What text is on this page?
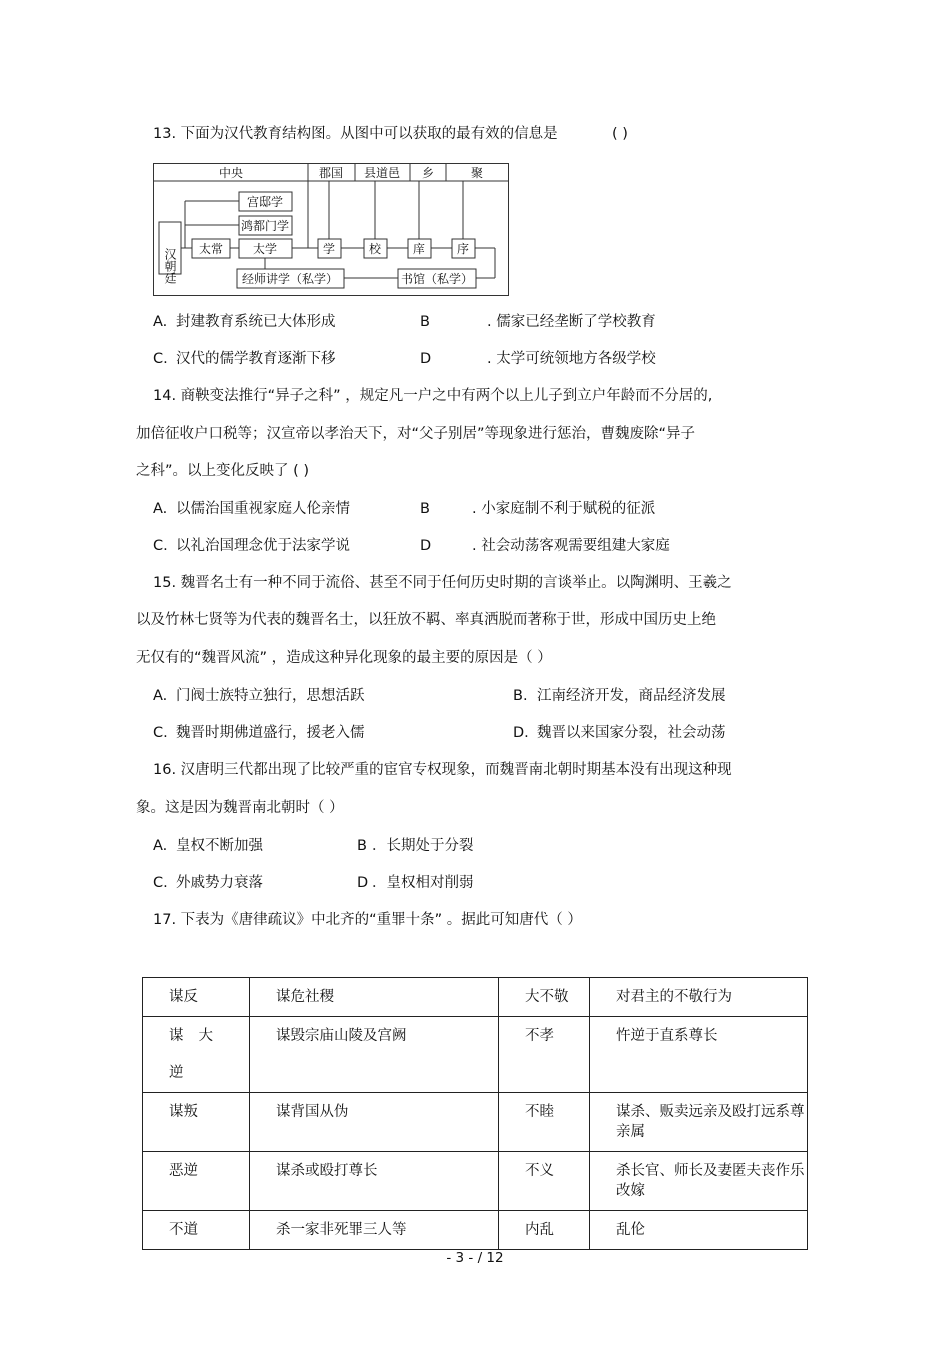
13. 下面为汉代教育结构图。从图中可以获取的最有效的信息是	( )
中央	郡国 县道邑 乡	聚
汉朝廷 太常
宫邸学
鸿都门学
太学	学	校	庠	序
经师讲学（私学）	书馆（私学）
A. 封建教育系统已大体形成	B	. 儒家已经垄断了学校教育
C. 汉代的儒学教育逐渐下移	D	. 太学可统领地方各级学校
14. 商鞅变法推行“异子之科” ，规定凡一户之中有两个以上儿子到立户年龄而不分居的,
加倍征收户口税等；汉宣帝以孝治天下，对“父子别居”等现象进行惩治，曹魏废除“异子
之科”。以上变化反映了 ( )
A. 以儒治国重视家庭人伦亲情	B	. 小家庭制不利于赋税的征派
C. 以礼治国理念优于法家学说	D	. 社会动荡客观需要组建大家庭
15. 魏晋名士有一种不同于流俗、甚至不同于任何历史时期的言谈举止。以陶渊明、王羲之
以及竹林七贤等为代表的魏晋名士，以狂放不羁、率真洒脱而著称于世，形成中国历史上绝
无仅有的“魏晋风流” ，造成这种异化现象的最主要的原因是（ ）
A. 门阀士族特立独行，思想活跃	B. 江南经济开发，商品经济发展
C. 魏晋时期佛道盛行，援老入儒	D. 魏晋以来国家分裂，社会动荡
16. 汉唐明三代都出现了比较严重的宦官专权现象，而魏晋南北朝时期基本没有出现这种现
象。这是因为魏晋南北朝时（ ）
A. 皇权不断加强	B ．长期处于分裂
C. 外戚势力衰落	D ．皇权相对削弱
17. 下表为《唐律疏议》中北齐的“重罪十条” 。据此可知唐代（ ）
谋反	谋危社稷	大不敬	对君主的不敬行为

谋 大
逆	谋毁宗庙山陵及宫阙	不孝	忤逆于直系尊长
谋叛	谋背国从伪	不睦	谋杀、贩卖远亲及殴打远系尊亲属
恶逆	谋杀或殴打尊长	不义	杀长官、师长及妻匿夫丧作乐改嫁
不道	杀一家非死罪三人等	内乱	乱伦
- 3 - / 12
